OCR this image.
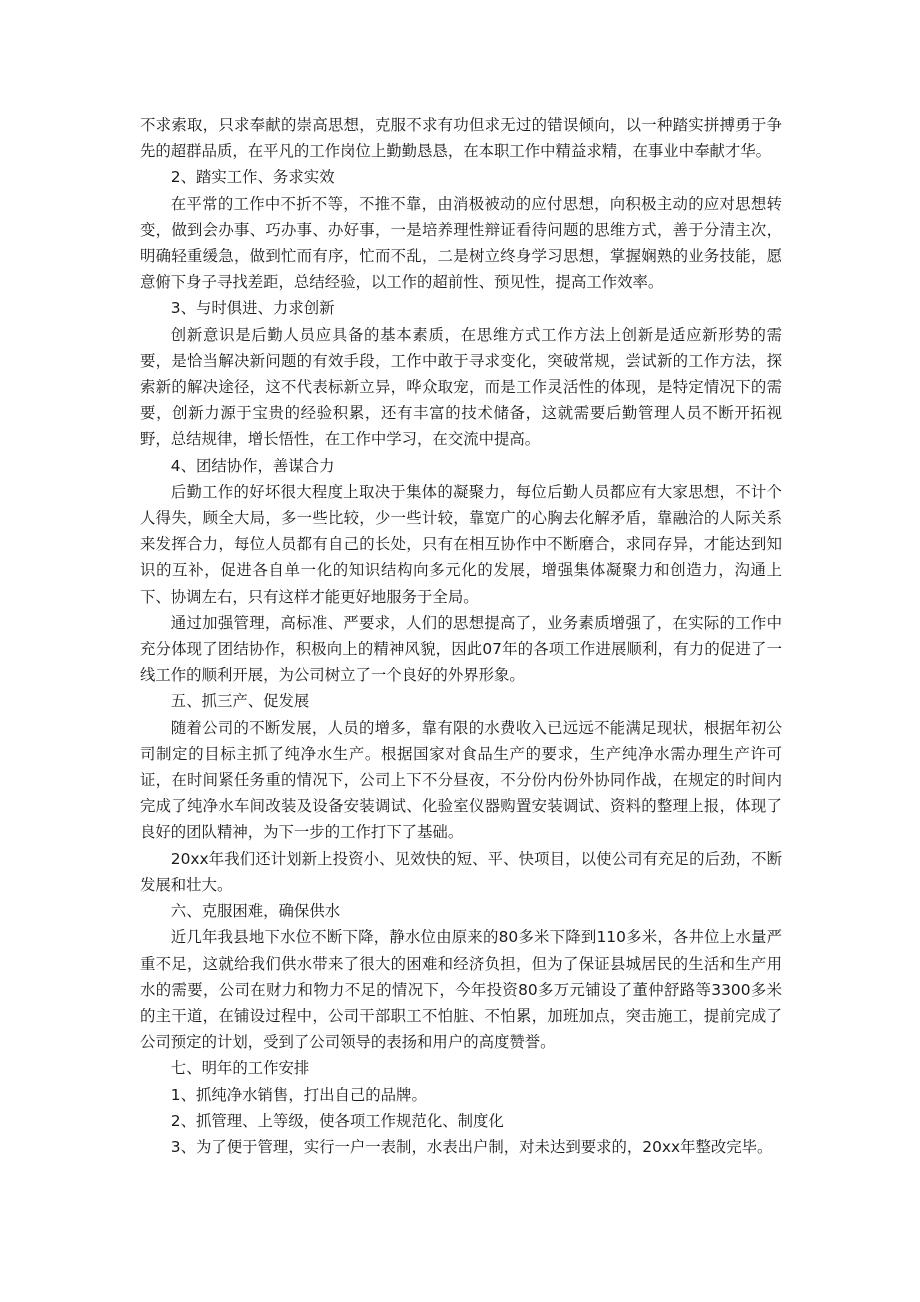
不求索取，只求奉献的崇高思想，克服不求有功但求无过的错误倾向，以一种踏实拼搏勇于争先的超群品质，在平凡的工作岗位上勤勤恳恳，在本职工作中精益求精，在事业中奉献才华。

2、踏实工作、务求实效

在平常的工作中不折不等，不推不靠，由消极被动的应付思想，向积极主动的应对思想转变，做到会办事、巧办事、办好事，一是培养理性辩证看待问题的思维方式，善于分清主次，明确轻重缓急，做到忙而有序，忙而不乱，二是树立终身学习思想，掌握娴熟的业务技能，愿意俯下身子寻找差距，总结经验，以工作的超前性、预见性，提高工作效率。

3、与时俱进、力求创新

创新意识是后勤人员应具备的基本素质，在思维方式工作方法上创新是适应新形势的需要，是恰当解决新问题的有效手段，工作中敢于寻求变化，突破常规，尝试新的工作方法，探索新的解决途径，这不代表标新立异，哗众取宠，而是工作灵活性的体现，是特定情况下的需要，创新力源于宝贵的经验积累，还有丰富的技术储备，这就需要后勤管理人员不断开拓视野，总结规律，增长悟性，在工作中学习，在交流中提高。

4、团结协作，善谋合力

后勤工作的好坏很大程度上取决于集体的凝聚力，每位后勤人员都应有大家思想，不计个人得失，顾全大局，多一些比较，少一些计较，靠宽广的心胸去化解矛盾，靠融洽的人际关系来发挥合力，每位人员都有自己的长处，只有在相互协作中不断磨合，求同存异，才能达到知识的互补，促进各自单一化的知识结构向多元化的发展，增强集体凝聚力和创造力，沟通上下、协调左右，只有这样才能更好地服务于全局。

通过加强管理，高标准、严要求，人们的思想提高了，业务素质增强了，在实际的工作中充分体现了团结协作，积极向上的精神风貌，因此07年的各项工作进展顺利，有力的促进了一线工作的顺利开展，为公司树立了一个良好的外界形象。

五、抓三产、促发展

随着公司的不断发展，人员的增多，靠有限的水费收入已远远不能满足现状，根据年初公司制定的目标主抓了纯净水生产。根据国家对食品生产的要求，生产纯净水需办理生产许可证，在时间紧任务重的情况下，公司上下不分昼夜，不分份内份外协同作战，在规定的时间内完成了纯净水车间改装及设备安装调试、化验室仪器购置安装调试、资料的整理上报，体现了良好的团队精神，为下一步的工作打下了基础。

20xx年我们还计划新上投资小、见效快的短、平、快项目，以使公司有充足的后劲，不断发展和壮大。

六、克服困难，确保供水

近几年我县地下水位不断下降，静水位由原来的80多米下降到110多米，各井位上水量严重不足，这就给我们供水带来了很大的困难和经济负担，但为了保证县城居民的生活和生产用水的需要，公司在财力和物力不足的情况下，今年投资80多万元铺设了董仲舒路等3300多米的主干道，在铺设过程中，公司干部职工不怕脏、不怕累，加班加点，突击施工，提前完成了公司预定的计划，受到了公司领导的表扬和用户的高度赞誉。

七、明年的工作安排

1、抓纯净水销售，打出自己的品牌。

2、抓管理、上等级，使各项工作规范化、制度化

3、为了便于管理，实行一户一表制，水表出户制，对未达到要求的，20xx年整改完毕。
